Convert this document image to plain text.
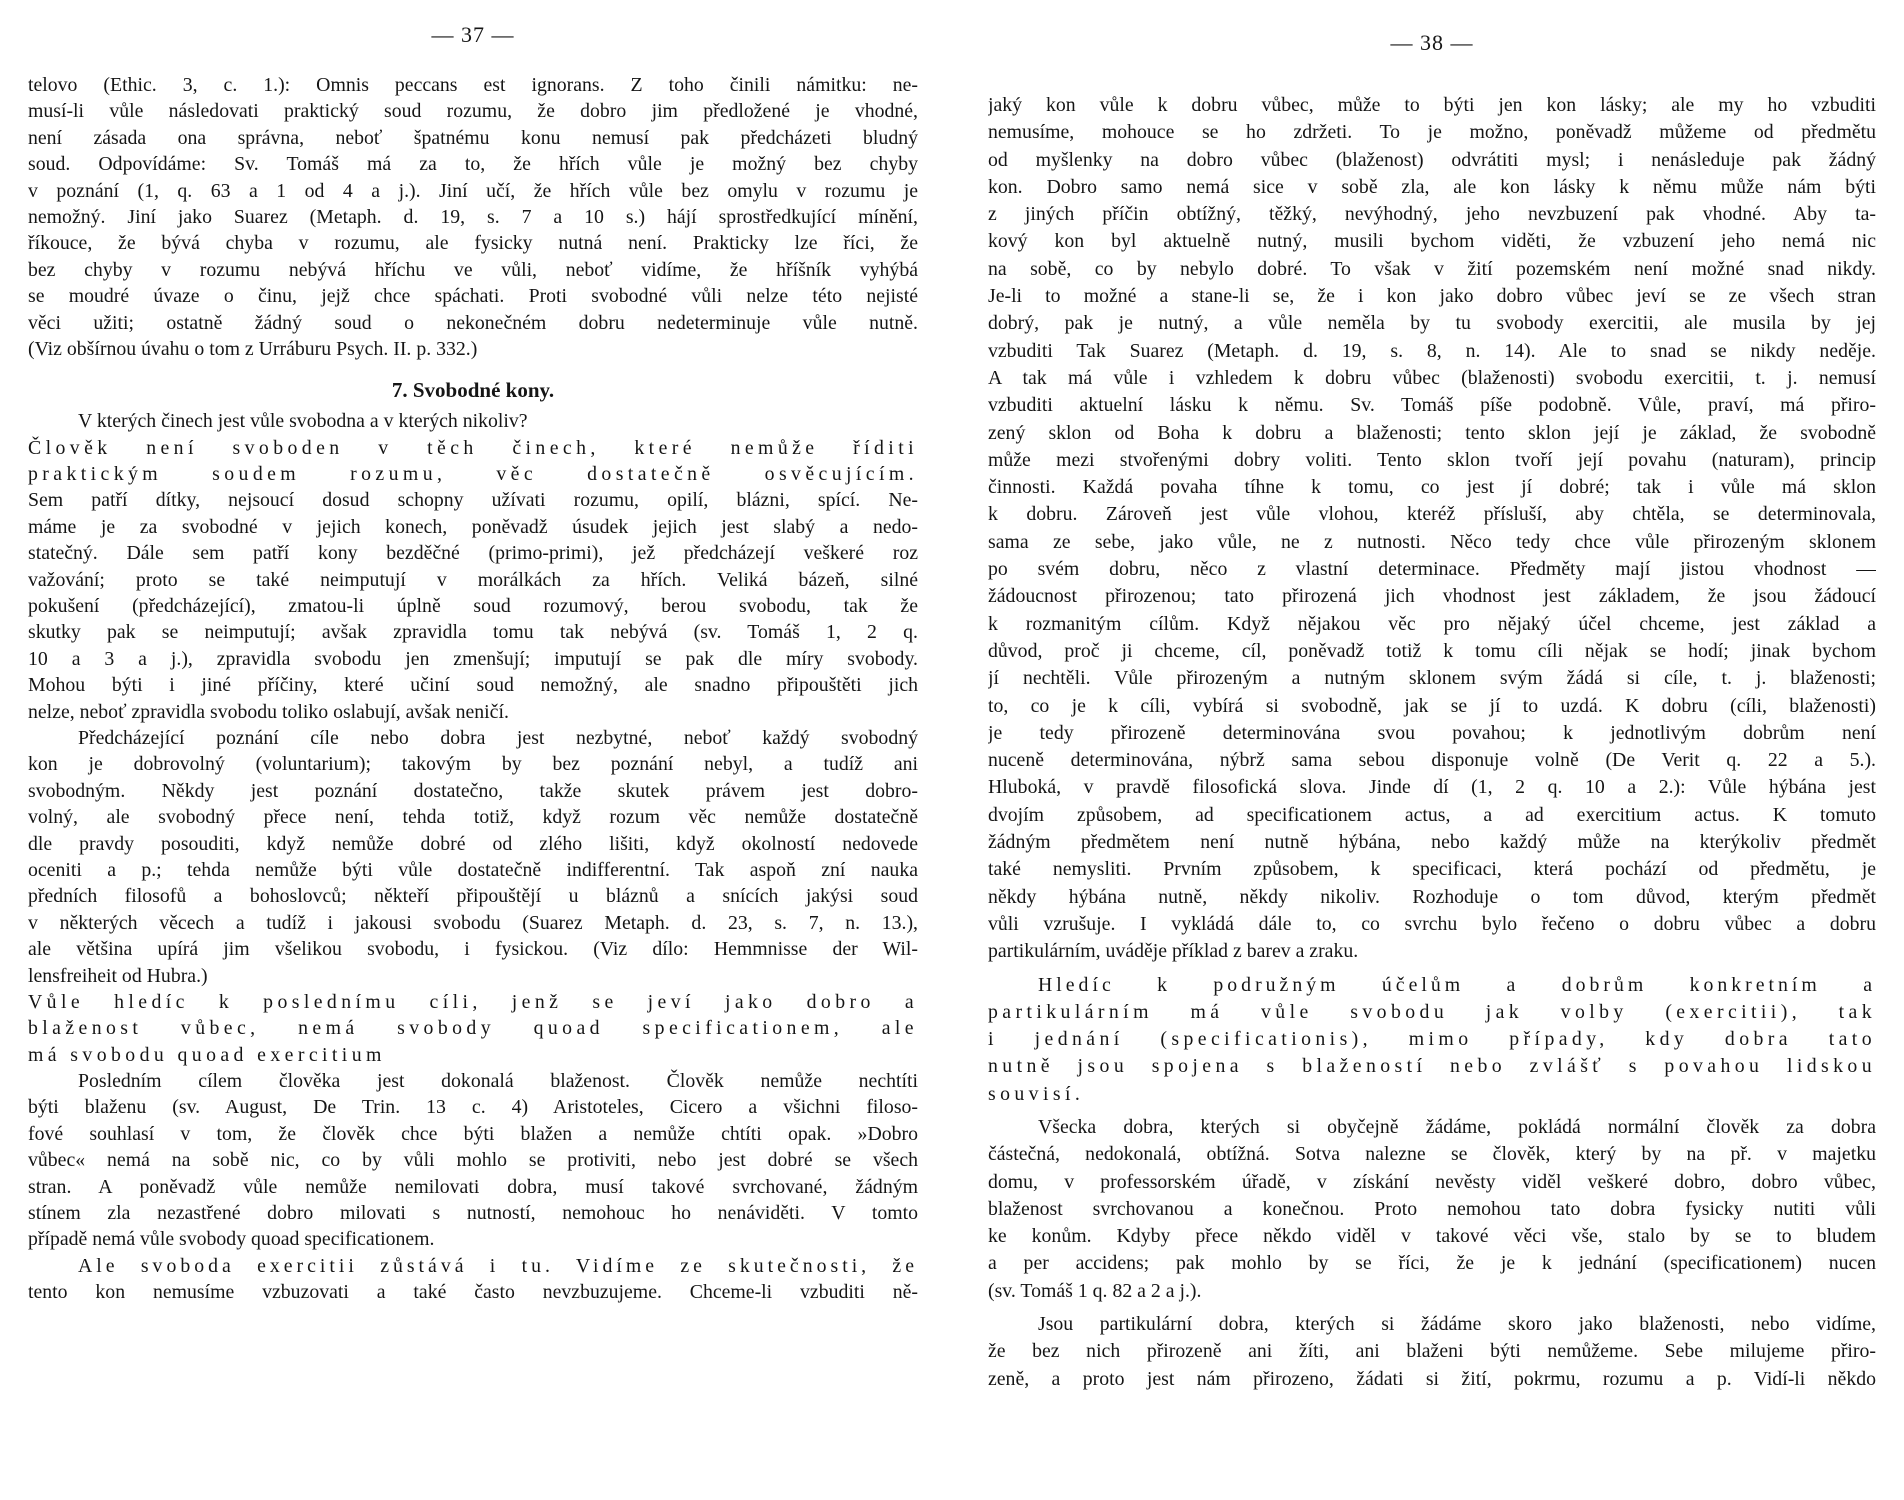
— 37 —
telovo (Ethic. 3, c. 1.): Omnis peccans est ignorans. Z toho činili námitku: ne-
musí-li vůle následovati praktický soud rozumu, že dobro jim předložené je vhodné,
není zásada ona správna, neboť špatnému konu nemusí pak předcházeti bludný
soud. Odpovídáme: Sv. Tomáš má za to, že hřích vůle je možný bez chyby
v poznání (1, q. 63 a 1 od 4 a j.). Jiní učí, že hřích vůle bez omylu v rozumu je
nemožný. Jiní jako Suarez (Metaph. d. 19, s. 7 a 10 s.) hájí sprostředkující mínění,
říkouce, že bývá chyba v rozumu, ale fysicky nutná není. Prakticky lze říci, že
bez chyby v rozumu nebývá hříchu ve vůli, neboť vidíme, že hříšník vyhýbá
se moudré úvaze o činu, jejž chce spáchati. Proti svobodné vůli nelze této nejisté
věci užiti; ostatně žádný soud o nekonečném dobru nedeterminuje vůle nutně.
(Viz obšírnou úvahu o tom z Urráburu Psych. II. p. 332.)
7. Svobodné kony.
V kterých činech jest vůle svobodna a v kterých nikoliv?
Člověk není svoboden v těch činech, které nemůže říditi
praktickým soudem rozumu, věc dostatečně osvěcujícím.
Sem patří dítky, nejsoucí dosud schopny užívati rozumu, opilí, blázni, spící. Ne-
máme je za svobodné v jejich konech, poněvadž úsudek jejich jest slabý a nedo-
statečný. Dále sem patří kony bezděčné (primo-primi), jež předcházejí veškeré roz
važování; proto se také neimputují v morálkách za hřích. Veliká bázeň, silné
pokušení (předcházející), zmatou-li úplně soud rozumový, berou svobodu, tak že
skutky pak se neimputují; avšak zpravidla tomu tak nebývá (sv. Tomáš 1, 2 q.
10 a 3 a j.), zpravidla svobodu jen zmenšují; imputují se pak dle míry svobody.
Mohou býti i jiné příčiny, které učiní soud nemožný, ale snadno připouštěti jich
nelze, neboť zpravidla svobodu toliko oslabují, avšak neničí.
Předcházející poznání cíle nebo dobra jest nezbytné, neboť každý svobodný
kon je dobrovolný (voluntarium); takovým by bez poznání nebyl, a tudíž ani
svobodným. Někdy jest poznání dostatečno, takže skutek právem jest dobro-
volný, ale svobodný přece není, tehda totiž, když rozum věc nemůže dostatečně
dle pravdy posouditi, když nemůže dobré od zlého lišiti, když okolností nedovede
oceniti a p.; tehda nemůže býti vůle dostatečně indifferentní. Tak aspoň zní nauka
předních filosofů a bohoslovců; někteří připouštějí u bláznů a snících jakýsi soud
v některých věcech a tudíž i jakousi svobodu (Suarez Metaph. d. 23, s. 7, n. 13.),
ale většina upírá jim všelikou svobodu, i fysickou. (Viz dílo: Hemmnisse der Wil-
lensfreiheit od Hubra.)
Vůle hledíc k poslednímu cíli, jenž se jeví jako dobro a
blaženost vůbec, nemá svobody quoad specificationem, ale
má svobodu quoad exercitium
Posledním cílem člověka jest dokonalá blaženost. Člověk nemůže nechtíti
býti blaženu (sv. August, De Trin. 13 c. 4) Aristoteles, Cicero a všichni filoso-
fové souhlasí v tom, že člověk chce býti blažen a nemůže chtíti opak. »Dobro
vůbec« nemá na sobě nic, co by vůli mohlo se protiviti, nebo jest dobré se všech
stran. A poněvadž vůle nemůže nemilovati dobra, musí takové svrchované, žádným
stínem zla nezastřené dobro milovati s nutností, nemohouc ho nenáviděti. V tomto
případě nemá vůle svobody quoad specificationem.
Ale svoboda exercitii zůstává i tu. Vidíme ze skutečnosti, že
tento kon nemusíme vzbuzovati a také často nevzbuzujeme. Chceme-li vzbuditi ně-
— 38 —
jaký kon vůle k dobru vůbec, může to býti jen kon lásky; ale my ho vzbuditi
nemusíme, mohouce se ho zdržeti. To je možno, poněvadž můžeme od předmětu
od myšlenky na dobro vůbec (blaženost) odvrátiti mysl; i nenásleduje pak žádný
kon. Dobro samo nemá sice v sobě zla, ale kon lásky k němu může nám býti
z jiných příčin obtížný, těžký, nevýhodný, jeho nevzbuzení pak vhodné. Aby ta-
kový kon byl aktuelně nutný, musili bychom viděti, že vzbuzení jeho nemá nic
na sobě, co by nebylo dobré. To však v žití pozemském není možné snad nikdy.
Je-li to možné a stane-li se, že i kon jako dobro vůbec jeví se ze všech stran
dobrý, pak je nutný, a vůle neměla by tu svobody exercitii, ale musila by jej
vzbuditi Tak Suarez (Metaph. d. 19, s. 8, n. 14). Ale to snad se nikdy neděje.
A tak má vůle i vzhledem k dobru vůbec (blaženosti) svobodu exercitii, t. j. nemusí
vzbuditi aktuelní lásku k němu. Sv. Tomáš píše podobně. Vůle, praví, má přiro-
zený sklon od Boha k dobru a blaženosti; tento sklon její je základ, že svobodně
může mezi stvořenými dobry voliti. Tento sklon tvoří její povahu (naturam), princip
činnosti. Každá povaha tíhne k tomu, co jest jí dobré; tak i vůle má sklon
k dobru. Zároveň jest vůle vlohou, kteréž přísluší, aby chtěla, se determinovala,
sama ze sebe, jako vůle, ne z nutnosti. Něco tedy chce vůle přirozeným sklonem
po svém dobru, něco z vlastní determinace. Předměty mají jistou vhodnost —
žádoucnost přirozenou; tato přirozená jich vhodnost jest základem, že jsou žádoucí
k rozmanitým cílům. Když nějakou věc pro nějaký účel chceme, jest základ a
důvod, proč ji chceme, cíl, poněvadž totiž k tomu cíli nějak se hodí; jinak bychom
jí nechtěli. Vůle přirozeným a nutným sklonem svým žádá si cíle, t. j. blaženosti;
to, co je k cíli, vybírá si svobodně, jak se jí to uzdá. K dobru (cíli, blaženosti)
je tedy přirozeně determinována svou povahou; k jednotlivým dobrům není
nuceně determinována, nýbrž sama sebou disponuje volně (De Verit q. 22 a 5.).
Hluboká, v pravdě filosofická slova. Jinde dí (1, 2 q. 10 a 2.): Vůle hýbána jest
dvojím způsobem, ad specificationem actus, a ad exercitium actus. K tomuto
žádným předmětem není nutně hýbána, nebo každý může na kterýkoliv předmět
také nemysliti. Prvním způsobem, k specificaci, která pochází od předmětu, je
někdy hýbána nutně, někdy nikoliv. Rozhoduje o tom důvod, kterým předmět
vůli vzrušuje. I vykládá dále to, co svrchu bylo řečeno o dobru vůbec a dobru
partikulárním, uváděje příklad z barev a zraku.
Hledíc k podružným účelům a dobrům konkretním a
partikulárním má vůle svobodu jak volby (exercitii), tak
i jednání (specificationis), mimo případy, kdy dobra tato
nutně jsou spojena s blažeností nebo zvlášť s povahou lidskou
souvisí.
Všecka dobra, kterých si obyčejně žádáme, pokládá normální člověk za dobra
částečná, nedokonalá, obtížná. Sotva nalezne se člověk, který by na př. v majetku
domu, v professorském úřadě, v získání nevěsty viděl veškeré dobro, dobro vůbec,
blaženost svrchovanou a konečnou. Proto nemohou tato dobra fysicky nutiti vůli
ke konům. Kdyby přece někdo viděl v takové věci vše, stalo by se to bludem
a per accidens; pak mohlo by se říci, že je k jednání (specificationem) nucen
(sv. Tomáš 1 q. 82 a 2 a j.).
Jsou partikulární dobra, kterých si žádáme skoro jako blaženosti, nebo vidíme,
že bez nich přirozeně ani žíti, ani blaženi býti nemůžeme. Sebe milujeme přiro-
zeně, a proto jest nám přirozeno, žádati si žití, pokrmu, rozumu a p. Vidí-li někdo
